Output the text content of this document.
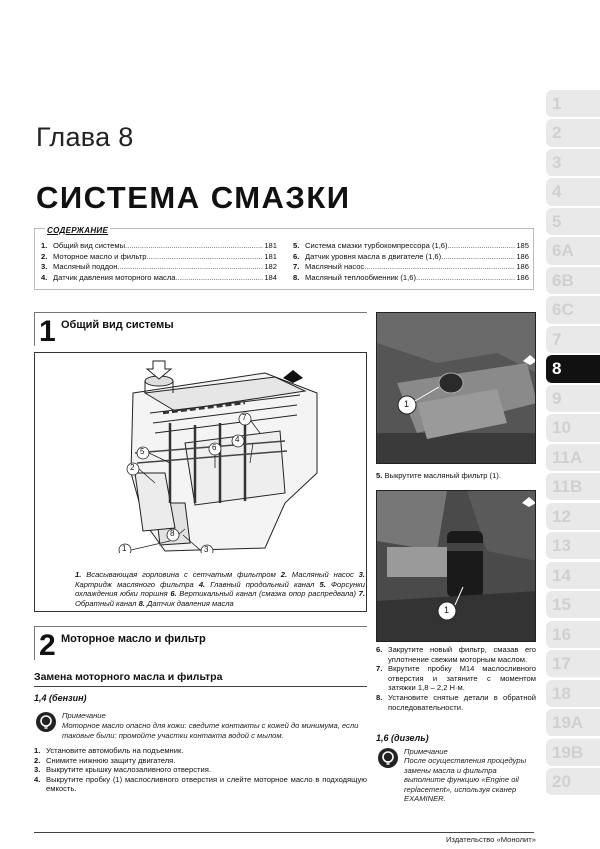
Глава 8
СИСТЕМА СМАЗКИ
СОДЕРЖАНИЕ
1. Общий вид системы .....	181
2. Моторное масло и фильтр .....	181
3. Масляный поддон .....	182
4. Датчик давления моторного масла .....	184
5. Система смазки турбокомпрессора (1,6) .....	185
6. Датчик уровня масла в двигателе (1,6) .....	186
7. Масляный насос .....	186
8. Масляный теплообменник (1,6) .....	186
1 Общий вид системы
1
2
3
4
5	6
7
8
1. Всасывающая горловина с сетчатым фильтром 2. Масляный насос 3. Картридж масляного фильтра 4. Главный продольный канал 5. Форсунки охлаждения юбки поршня 6. Вертикальный канал (смазка опор распредвала) 7. Обратный канал 8. Датчик давления масла
2 Моторное масло и фильтр
Замена моторного масла и фильтра
1,4 (бензин)
Примечание
Моторное масло опасно для кожи: сведите контакты с кожей до минимума, если таковые были: промойте участки контакта водой с мылом.
1. Установите автомобиль на подъемник.
2. Снимите нижнюю защиту двигателя.
3. Выкрутите крышку маслозаливного отверстия.
4. Выкрутите пробку (1) маслосливного отверстия и слейте моторное масло в подходящую емкость.
1
5. Выкрутите масляный фильтр (1).
1
6. Закрутите новый фильтр, смазав его уплотнение свежим моторным маслом.
7. Вкрутите пробку М14 маслосливного отверстия и затяните с моментом затяжки 1,8 – 2,2 Н·м.
8. Установите снятые детали в обратной последовательности.
1,6 (дизель)
Примечание
После осуществления процедуры замены масла и фильтра выполните функцию «Engine oil replacement», используя сканер EXAMINER.
Издательство «Монолит»
1
2
3
4
5
6A
6B
6C
7
8
9
10
11A
11B
12
13
14
15
16
17
18
19A
19B
20
